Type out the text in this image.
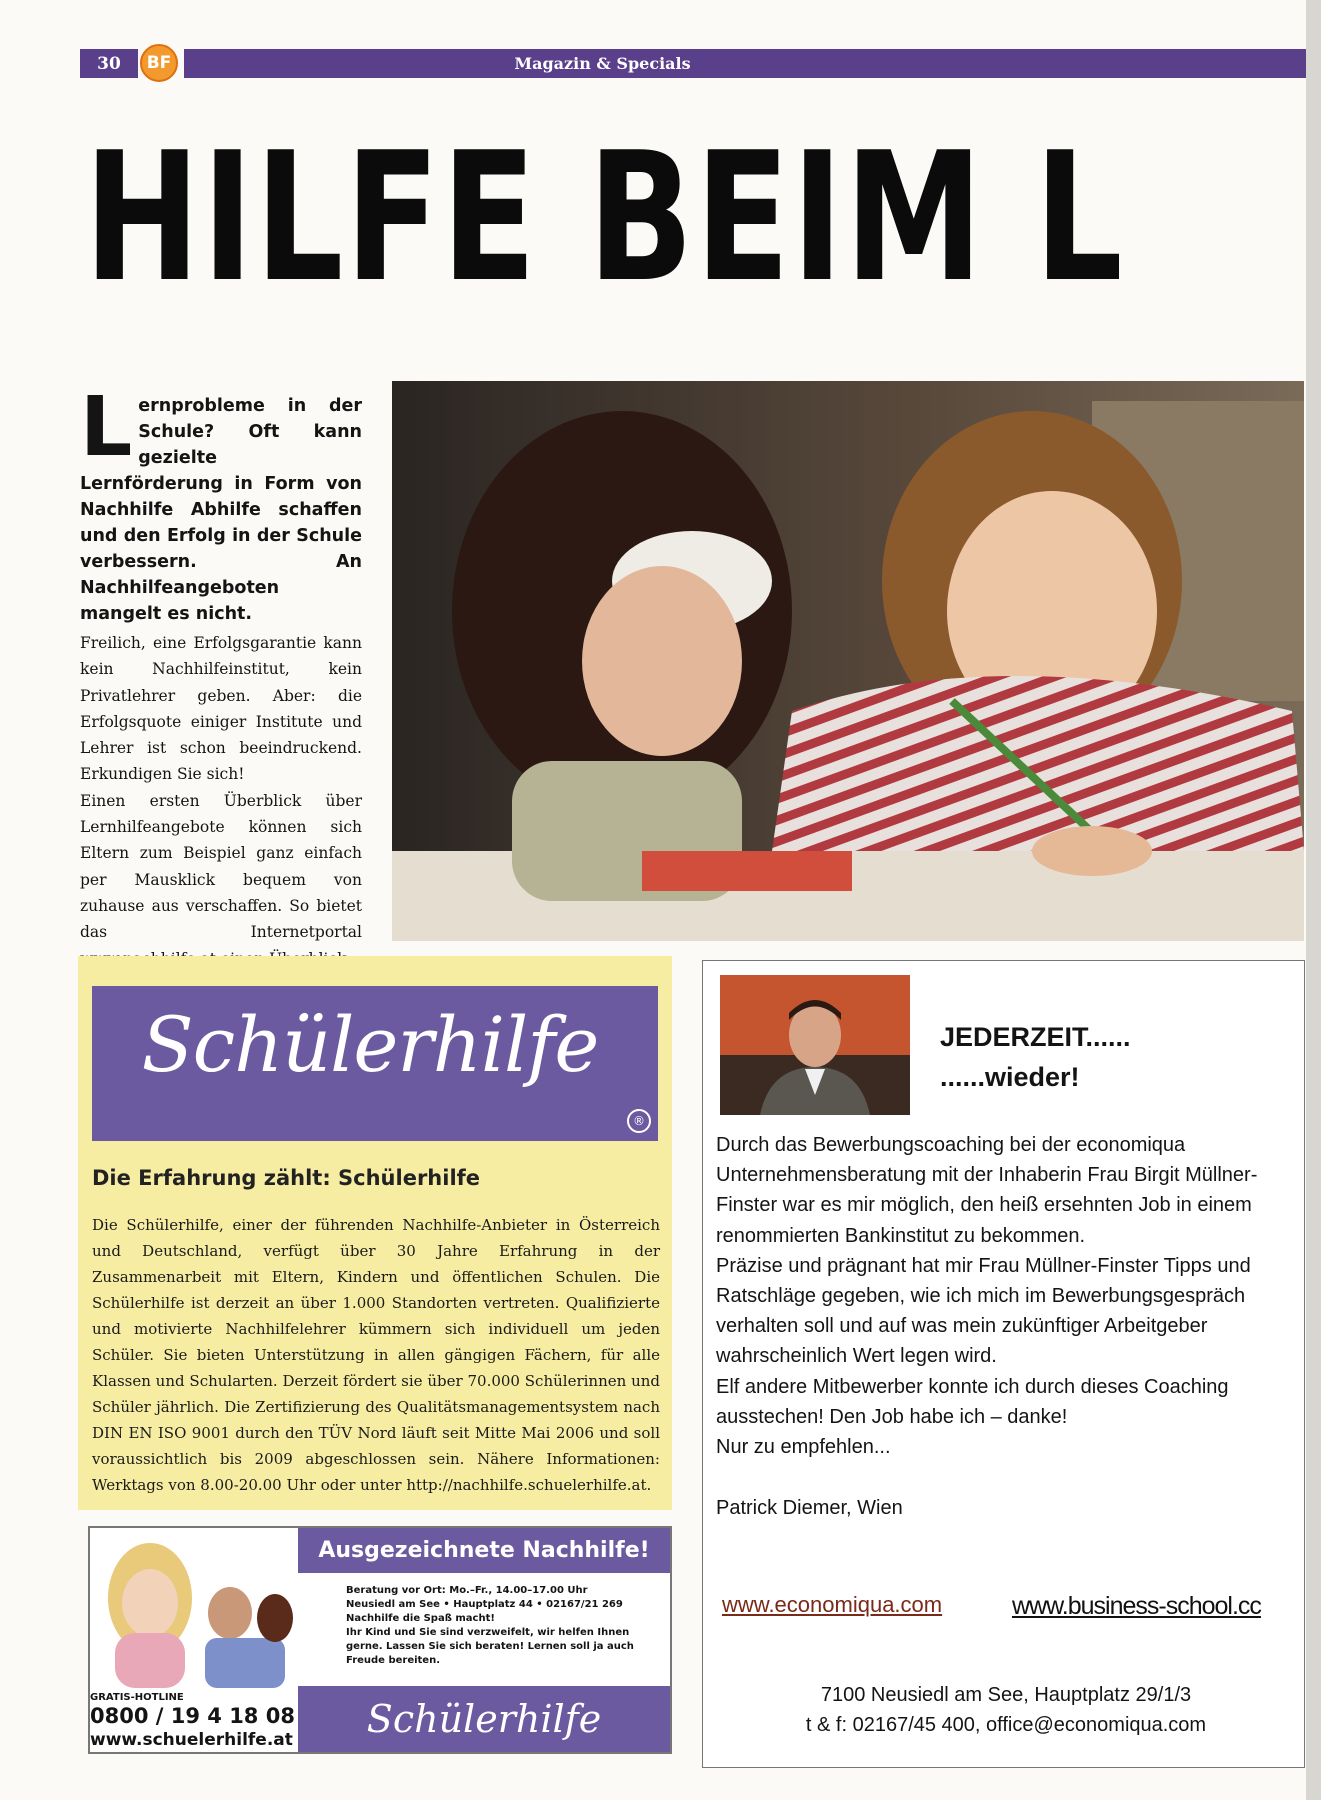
30	BF	Magazin & Specials
HILFE BEIM L
Lernprobleme in der Schule? Oft kann gezielte Lernförderung in Form von Nachhilfe Abhilfe schaffen und den Erfolg in der Schule verbessern. An Nachhilfeangeboten mangelt es nicht.

Freilich, eine Erfolgsgarantie kann kein Nachhilfeinstitut, kein Privatlehrer geben. Aber: die Erfolgsquote einiger Institute und Lehrer ist schon beeindruckend. Erkundigen Sie sich!

Einen ersten Überblick über Lernhilfeangebote können sich Eltern zum Beispiel ganz einfach per Mausklick bequem von zuhause aus verschaffen. So bietet das Internetportal

Schülerhilfe
®
Die Erfahrung zählt: Schülerhilfe
Die Schülerhilfe, einer der führenden Nachhilfe-Anbieter in Österreich und Deutschland, verfügt über 30 Jahre Erfahrung in der Zusammenarbeit mit Eltern, Kindern und öffentlichen Schulen. Die Schülerhilfe ist derzeit an über 1.000 Standorten vertreten. Qualifizierte und motivierte Nachhilfelehrer kümmern sich individuell um jeden Schüler. Sie bieten Unterstützung in allen gängigen Fächern, für alle Klassen und Schularten. Derzeit fördert sie über 70.000 Schülerinnen und Schüler jährlich. Die Zertifizierung des Qualitätsmanagementsystem nach DIN EN ISO 9001 durch den TÜV Nord läuft seit Mitte Mai 2006 und soll voraussichtlich bis 2009 abgeschlossen sein. Nähere Informationen: Werktags von 8.00-20.00 Uhr oder unter http://nachhilfe.schuelerhilfe.at.
Ausgezeichnete Nachhilfe!
Beratung vor Ort: Mo.–Fr., 14.00–17.00 Uhr
Neusiedl am See • Hauptplatz 44 • 02167/21 269
Nachhilfe die Spaß macht!
Ihr Kind und Sie sind verzweifelt, wir helfen Ihnen gerne. Lassen Sie sich beraten! Lernen soll ja auch Freude bereiten.
GRATIS-HOTLINE
0800 / 19 4 18 08
www.schuelerhilfe.at	Schülerhilfe
JEDERZEIT......
......wieder!

Durch das Bewerbungscoaching bei der economiqua Unternehmensberatung mit der Inhaberin Frau Birgit Müllner-Finster war es mir möglich, den heiß ersehnten Job in einem renommierten Bankinstitut zu bekommen.

Präzise und prägnant hat mir Frau Müllner-Finster Tipps und Ratschläge gegeben, wie ich mich im Bewerbungsgespräch verhalten soll und auf was mein zukünftiger Arbeitgeber wahrscheinlich Wert legen wird.

Elf andere Mitbewerber konnte ich durch dieses Coaching ausstechen! Den Job habe ich – danke!

Nur zu empfehlen...

Patrick Diemer, Wien
www.economiqua.com	www.business-school.cc
7100 Neusiedl am See, Hauptplatz 29/1/3
t & f: 02167/45 400, office@economiqua.com
